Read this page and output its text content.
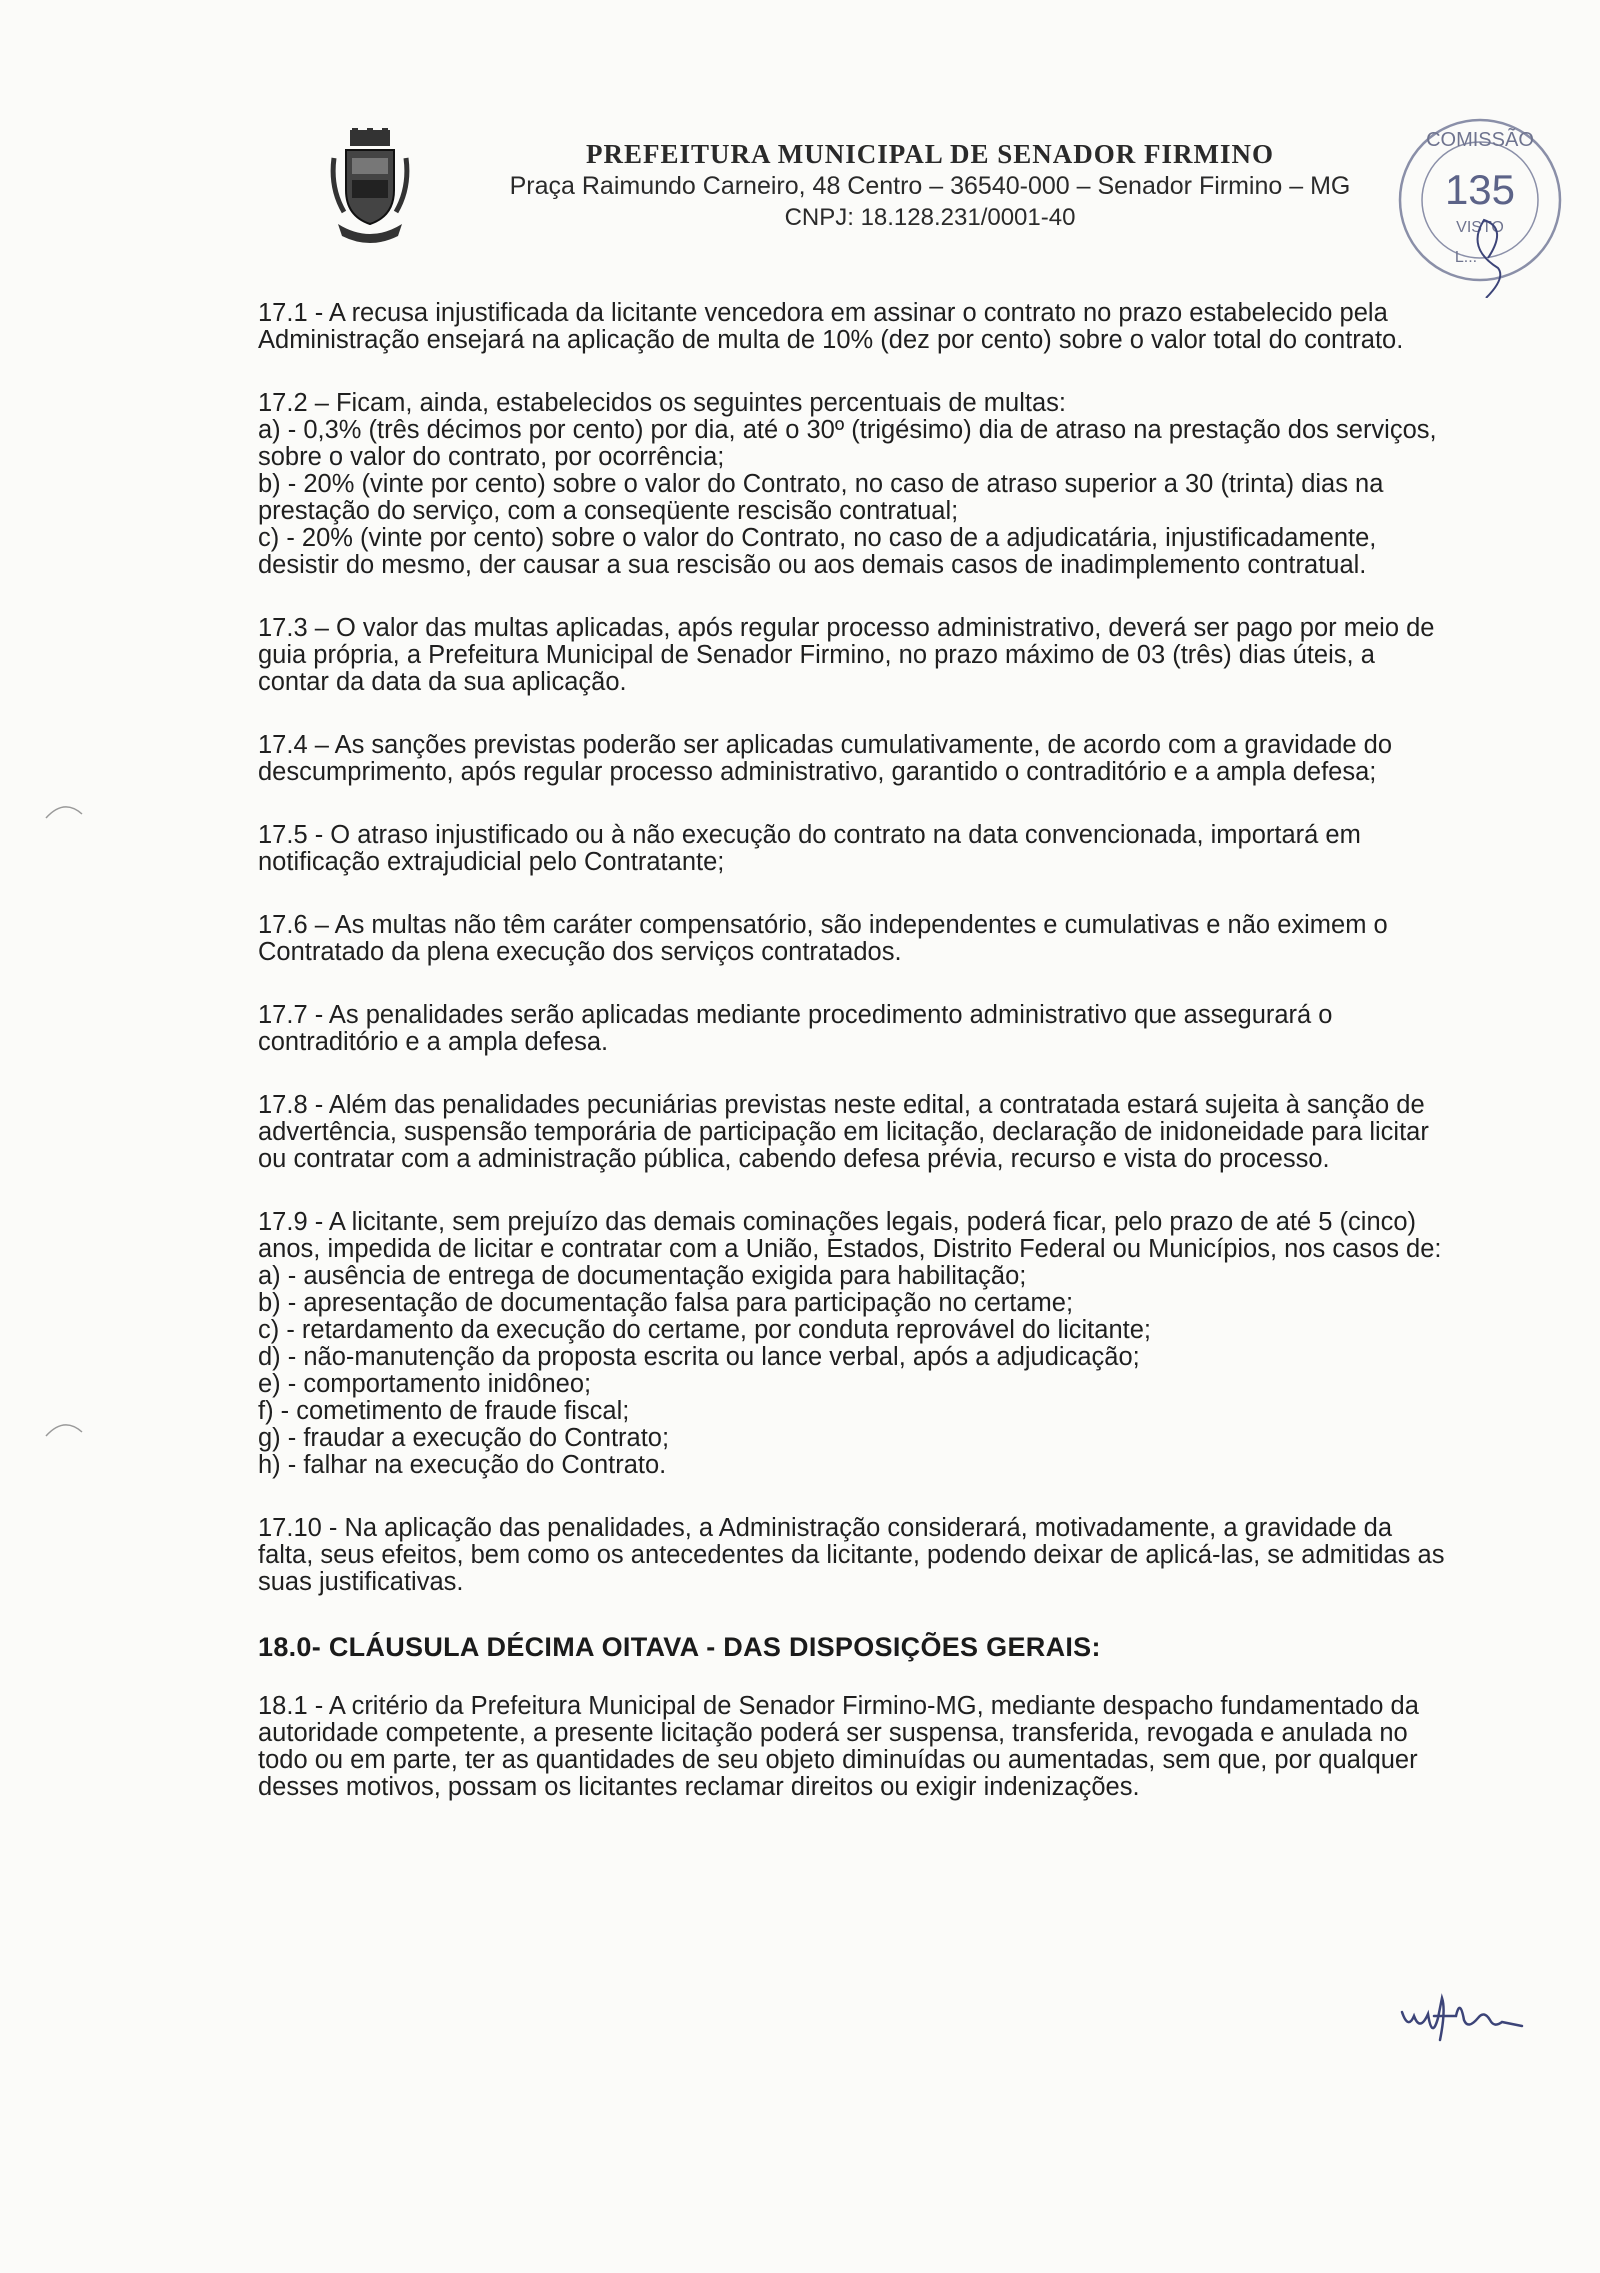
PREFEITURA MUNICIPAL DE SENADOR FIRMINO
Praça Raimundo Carneiro, 48 Centro – 36540-000 – Senador Firmino – MG
CNPJ: 18.128.231/0001-40
COMISSÃO
135
VISTO
L...
17.1 - A recusa injustificada da licitante vencedora em assinar o contrato no prazo estabelecido pela
Administração ensejará na aplicação de multa de 10% (dez por cento) sobre o valor total do contrato.
17.2 – Ficam, ainda, estabelecidos os seguintes percentuais de multas:
a) - 0,3% (três décimos por cento) por dia, até o 30º (trigésimo) dia de atraso na prestação dos serviços,
sobre o valor do contrato, por ocorrência;
b) - 20% (vinte por cento) sobre o valor do Contrato, no caso de atraso superior a 30 (trinta) dias na
prestação do serviço, com a conseqüente rescisão contratual;
c) - 20% (vinte por cento) sobre o valor do Contrato, no caso de a adjudicatária, injustificadamente,
desistir do mesmo, der causar a sua rescisão ou aos demais casos de inadimplemento contratual.
17.3 – O valor das multas aplicadas, após regular processo administrativo, deverá ser pago por meio de
guia própria, a Prefeitura Municipal de Senador Firmino, no prazo máximo de 03 (três) dias úteis, a
contar da data da sua aplicação.
17.4 – As sanções previstas poderão ser aplicadas cumulativamente, de acordo com a gravidade do
descumprimento, após regular processo administrativo, garantido o contraditório e a ampla defesa;
17.5 - O atraso injustificado ou à não execução do contrato na data convencionada, importará em
notificação extrajudicial pelo Contratante;
17.6 – As multas não têm caráter compensatório, são independentes e cumulativas e não eximem o
Contratado da plena execução dos serviços contratados.
17.7 - As penalidades serão aplicadas mediante procedimento administrativo que assegurará o
contraditório e a ampla defesa.
17.8 - Além das penalidades pecuniárias previstas neste edital, a contratada estará sujeita à sanção de
advertência, suspensão temporária de participação em licitação, declaração de inidoneidade para licitar
ou contratar com a administração pública, cabendo defesa prévia, recurso e vista do processo.
17.9 - A licitante, sem prejuízo das demais cominações legais, poderá ficar, pelo prazo de até 5 (cinco)
anos, impedida de licitar e contratar com a União, Estados, Distrito Federal ou Municípios, nos casos de:
a) - ausência de entrega de documentação exigida para habilitação;
b) - apresentação de documentação falsa para participação no certame;
c) - retardamento da execução do certame, por conduta reprovável do licitante;
d) - não-manutenção da proposta escrita ou lance verbal, após a adjudicação;
e) - comportamento inidôneo;
f) - cometimento de fraude fiscal;
g) - fraudar a execução do Contrato;
h) - falhar na execução do Contrato.
17.10 - Na aplicação das penalidades, a Administração considerará, motivadamente, a gravidade da
falta, seus efeitos, bem como os antecedentes da licitante, podendo deixar de aplicá-las, se admitidas as
suas justificativas.
18.0- CLÁUSULA DÉCIMA OITAVA - DAS DISPOSIÇÕES GERAIS:
18.1 - A critério da Prefeitura Municipal de Senador Firmino-MG, mediante despacho fundamentado da
autoridade competente, a presente licitação poderá ser suspensa, transferida, revogada e anulada no
todo ou em parte, ter as quantidades de seu objeto diminuídas ou aumentadas, sem que, por qualquer
desses motivos, possam os licitantes reclamar direitos ou exigir indenizações.
